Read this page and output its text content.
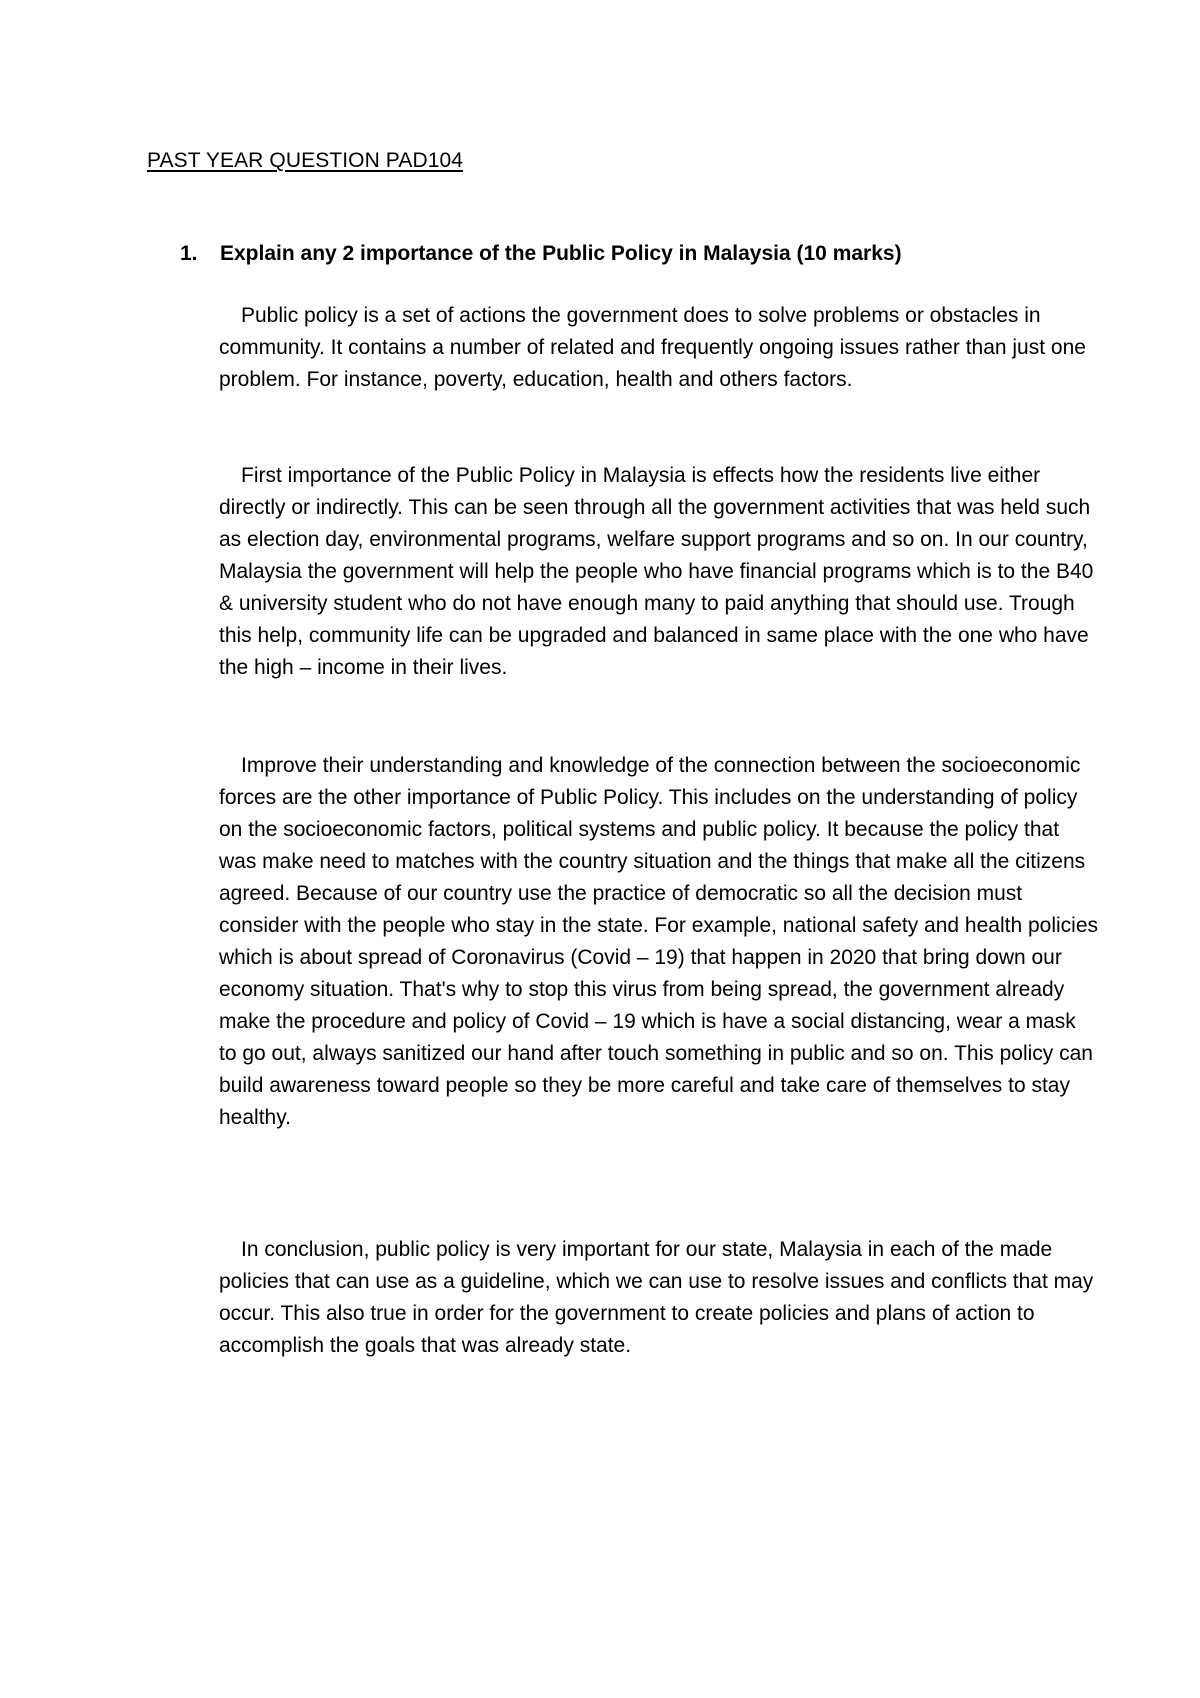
PAST YEAR QUESTION PAD104
1. Explain any 2 importance of the Public Policy in Malaysia (10 marks)

Public policy is a set of actions the government does to solve problems or obstacles in community. It contains a number of related and frequently ongoing issues rather than just one problem. For instance, poverty, education, health and others factors.

First importance of the Public Policy in Malaysia is effects how the residents live either directly or indirectly. This can be seen through all the government activities that was held such as election day, environmental programs, welfare support programs and so on. In our country, Malaysia the government will help the people who have financial programs which is to the B40 & university student who do not have enough many to paid anything that should use. Trough this help, community life can be upgraded and balanced in same place with the one who have the high – income in their lives.

Improve their understanding and knowledge of the connection between the socioeconomic forces are the other importance of Public Policy. This includes on the understanding of policy on the socioeconomic factors, political systems and public policy. It because the policy that was make need to matches with the country situation and the things that make all the citizens agreed. Because of our country use the practice of democratic so all the decision must consider with the people who stay in the state. For example, national safety and health policies which is about spread of Coronavirus (Covid – 19) that happen in 2020 that bring down our economy situation. That's why to stop this virus from being spread, the government already make the procedure and policy of Covid – 19 which is have a social distancing, wear a mask to go out, always sanitized our hand after touch something in public and so on. This policy can build awareness toward people so they be more careful and take care of themselves to stay healthy.

In conclusion, public policy is very important for our state, Malaysia in each of the made policies that can use as a guideline, which we can use to resolve issues and conflicts that may occur. This also true in order for the government to create policies and plans of action to accomplish the goals that was already state.
